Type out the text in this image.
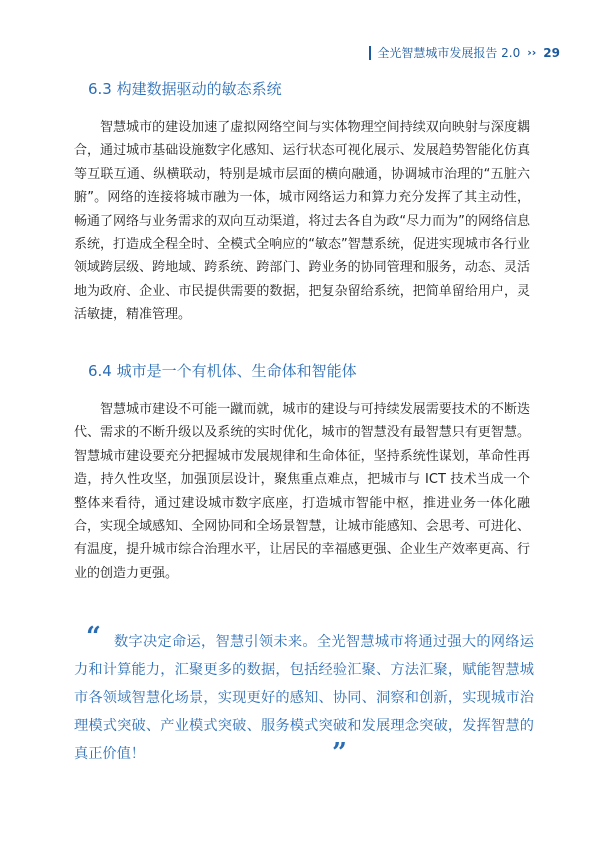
全光智慧城市发展报告 2.0 ›› 29
6.3 构建数据驱动的敏态系统

智慧城市的建设加速了虚拟网络空间与实体物理空间持续双向映射与深度耦合，通过城市基础设施数字化感知、运行状态可视化展示、发展趋势智能化仿真等互联互通、纵横联动，特别是城市层面的横向融通，协调城市治理的“五脏六腑”。网络的连接将城市融为一体，城市网络运力和算力充分发挥了其主动性，畅通了网络与业务需求的双向互动渠道，将过去各自为政“尽力而为”的网络信息系统，打造成全程全时、全模式全响应的“敏态”智慧系统，促进实现城市各行业领域跨层级、跨地域、跨系统、跨部门、跨业务的协同管理和服务，动态、灵活地为政府、企业、市民提供需要的数据，把复杂留给系统，把简单留给用户，灵活敏捷，精准管理。

6.4 城市是一个有机体、生命体和智能体

智慧城市建设不可能一蹴而就，城市的建设与可持续发展需要技术的不断迭代、需求的不断升级以及系统的实时优化，城市的智慧没有最智慧只有更智慧。智慧城市建设要充分把握城市发展规律和生命体征，坚持系统性谋划，革命性再造，持久性攻坚，加强顶层设计，聚焦重点难点，把城市与 ICT 技术当成一个整体来看待，通过建设城市数字底座，打造城市智能中枢，推进业务一体化融合，实现全域感知、全网协同和全场景智慧，让城市能感知、会思考、可进化、有温度，提升城市综合治理水平，让居民的幸福感更强、企业生产效率更高、行业的创造力更强。

“ 数字决定命运，智慧引领未来。全光智慧城市将通过强大的网络运力和计算能力，汇聚更多的数据，包括经验汇聚、方法汇聚，赋能智慧城市各领域智慧化场景，实现更好的感知、协同、洞察和创新，实现城市治理模式突破、产业模式突破、服务模式突破和发展理念突破，发挥智慧的真正价值！	”
